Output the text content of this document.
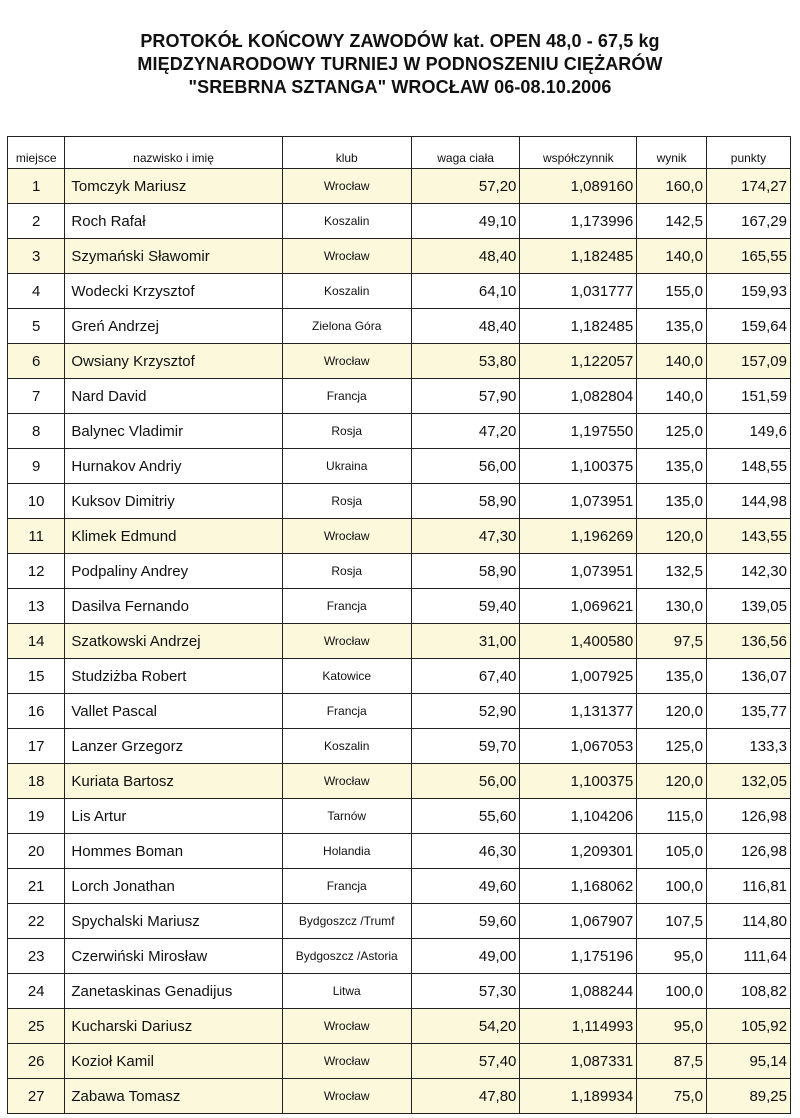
PROTOKÓŁ KOŃCOWY ZAWODÓW kat. OPEN 48,0 - 67,5 kg
MIĘDZYNARODOWY TURNIEJ W PODNOSZENIU CIĘŻARÓW
"SREBRNA SZTANGA" WROCŁAW 06-08.10.2006
miejsce	nazwisko i imię	klub	waga ciała	współczynnik	wynik	punkty
1	Tomczyk Mariusz	Wrocław	57,20	1,089160	160,0	174,27
2	Roch Rafał	Koszalin	49,10	1,173996	142,5	167,29
3	Szymański Sławomir	Wrocław	48,40	1,182485	140,0	165,55
4	Wodecki Krzysztof	Koszalin	64,10	1,031777	155,0	159,93
5	Greń Andrzej	Zielona Góra	48,40	1,182485	135,0	159,64
6	Owsiany Krzysztof	Wrocław	53,80	1,122057	140,0	157,09
7	Nard David	Francja	57,90	1,082804	140,0	151,59
8	Balynec Vladimir	Rosja	47,20	1,197550	125,0	149,6
9	Hurnakov Andriy	Ukraina	56,00	1,100375	135,0	148,55
10	Kuksov Dimitriy	Rosja	58,90	1,073951	135,0	144,98
11	Klimek Edmund	Wrocław	47,30	1,196269	120,0	143,55
12	Podpaliny Andrey	Rosja	58,90	1,073951	132,5	142,30
13	Dasilva Fernando	Francja	59,40	1,069621	130,0	139,05
14	Szatkowski Andrzej	Wrocław	31,00	1,400580	97,5	136,56
15	Studziżba Robert	Katowice	67,40	1,007925	135,0	136,07
16	Vallet Pascal	Francja	52,90	1,131377	120,0	135,77
17	Lanzer Grzegorz	Koszalin	59,70	1,067053	125,0	133,3
18	Kuriata Bartosz	Wrocław	56,00	1,100375	120,0	132,05
19	Lis Artur	Tarnów	55,60	1,104206	115,0	126,98
20	Hommes Boman	Holandia	46,30	1,209301	105,0	126,98
21	Lorch Jonathan	Francja	49,60	1,168062	100,0	116,81
22	Spychalski Mariusz	Bydgoszcz /Trumf	59,60	1,067907	107,5	114,80
23	Czerwiński Mirosław	Bydgoszcz /Astoria	49,00	1,175196	95,0	111,64
24	Zanetaskinas Genadijus	Litwa	57,30	1,088244	100,0	108,82
25	Kucharski Dariusz	Wrocław	54,20	1,114993	95,0	105,92
26	Kozioł Kamil	Wrocław	57,40	1,087331	87,5	95,14
27	Zabawa Tomasz	Wrocław	47,80	1,189934	75,0	89,25
